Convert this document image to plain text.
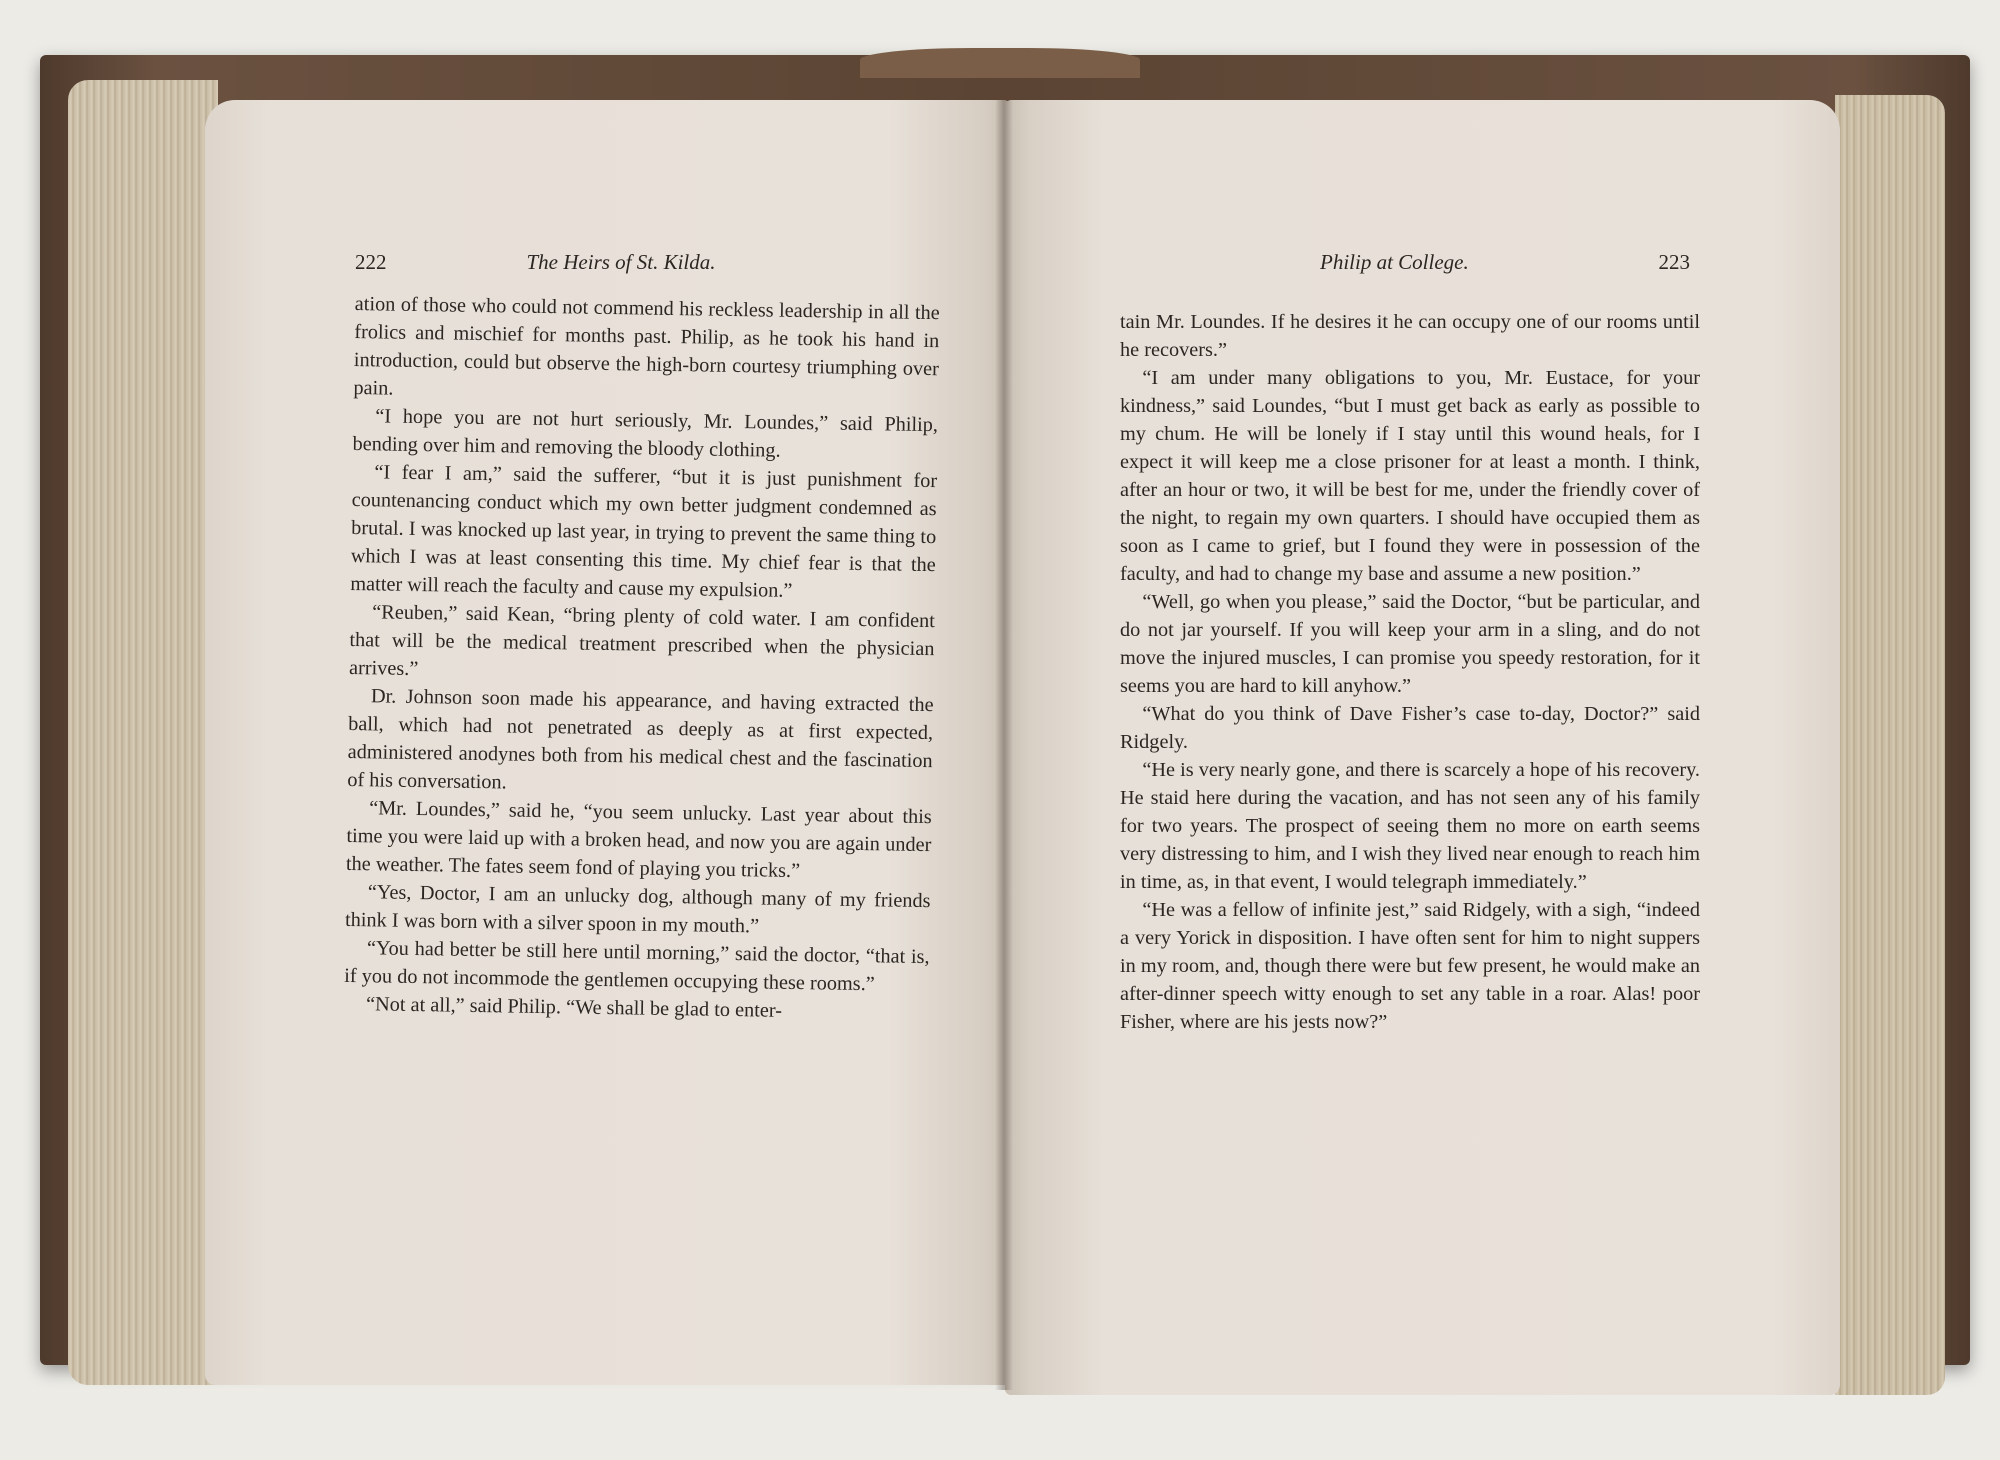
222	The Heirs of St. Kilda.

ation of those who could not commend his reckless leadership in all the frolics and mischief for months past. Philip, as he took his hand in introduction, could but observe the high-born courtesy triumphing over pain.

“I hope you are not hurt seriously, Mr. Loundes,” said Philip, bending over him and removing the bloody clothing.

“I fear I am,” said the sufferer, “but it is just punishment for countenancing conduct which my own better judgment condemned as brutal. I was knocked up last year, in trying to prevent the same thing to which I was at least consenting this time. My chief fear is that the matter will reach the faculty and cause my expulsion.”

“Reuben,” said Kean, “bring plenty of cold water. I am confident that will be the medical treatment prescribed when the physician arrives.”

Dr. Johnson soon made his appearance, and having extracted the ball, which had not penetrated as deeply as at first expected, administered anodynes both from his medical chest and the fascination of his conversation.

“Mr. Loundes,” said he, “you seem unlucky. Last year about this time you were laid up with a broken head, and now you are again under the weather. The fates seem fond of playing you tricks.”

“Yes, Doctor, I am an unlucky dog, although many of my friends think I was born with a silver spoon in my mouth.”

“You had better be still here until morning,” said the doctor, “that is, if you do not incommode the gentlemen occupying these rooms.”

“Not at all,” said Philip. “We shall be glad to enter-

Philip at College.	223

tain Mr. Loundes. If he desires it he can occupy one of our rooms until he recovers.”

“I am under many obligations to you, Mr. Eustace, for your kindness,” said Loundes, “but I must get back as early as possible to my chum. He will be lonely if I stay until this wound heals, for I expect it will keep me a close prisoner for at least a month. I think, after an hour or two, it will be best for me, under the friendly cover of the night, to regain my own quarters. I should have occupied them as soon as I came to grief, but I found they were in possession of the faculty, and had to change my base and assume a new position.”

“Well, go when you please,” said the Doctor, “but be particular, and do not jar yourself. If you will keep your arm in a sling, and do not move the injured muscles, I can promise you speedy restoration, for it seems you are hard to kill anyhow.”

“What do you think of Dave Fisher’s case to-day, Doctor?” said Ridgely.

“He is very nearly gone, and there is scarcely a hope of his recovery. He staid here during the vacation, and has not seen any of his family for two years. The prospect of seeing them no more on earth seems very distressing to him, and I wish they lived near enough to reach him in time, as, in that event, I would telegraph immediately.”

“He was a fellow of infinite jest,” said Ridgely, with a sigh, “indeed a very Yorick in disposition. I have often sent for him to night suppers in my room, and, though there were but few present, he would make an after-dinner speech witty enough to set any table in a roar. Alas! poor Fisher, where are his jests now?”
